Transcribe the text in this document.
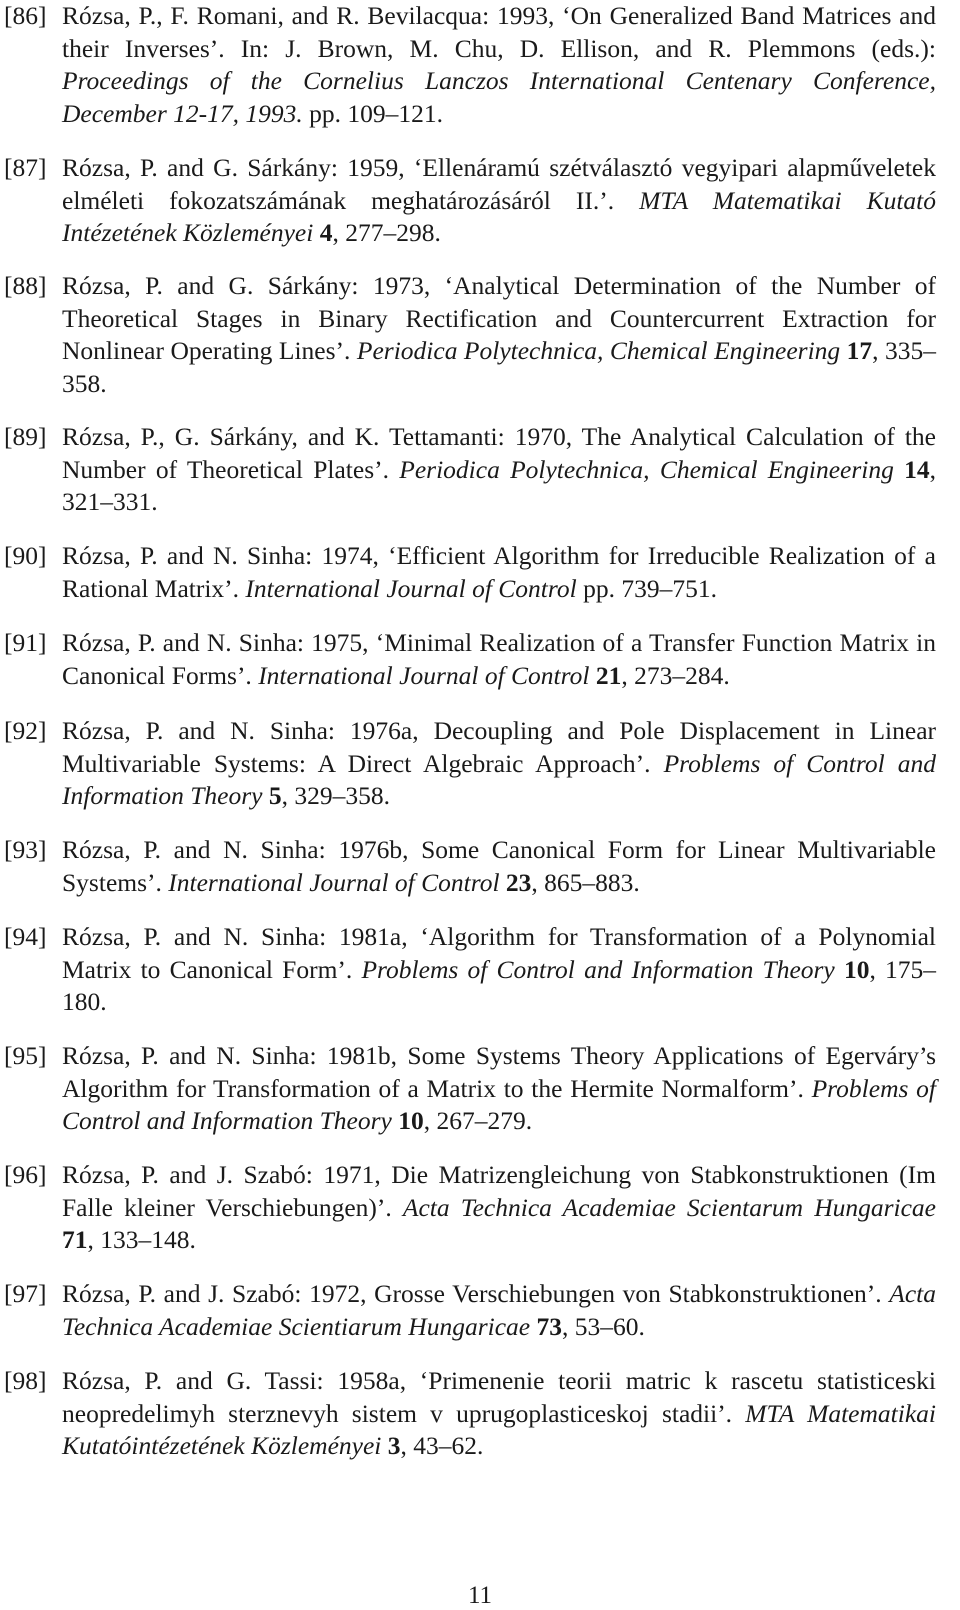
[86] Rózsa, P., F. Romani, and R. Bevilacqua: 1993, ‘On Generalized Band Matrices and their Inverses’. In: J. Brown, M. Chu, D. Ellison, and R. Plemmons (eds.): Proceedings of the Cornelius Lanczos International Centenary Conference, December 12-17, 1993. pp. 109–121.
[87] Rózsa, P. and G. Sárkány: 1959, ‘Ellenáramú szétválasztó vegyipari alapműveletek elméleti fokozatszámának meghatározásáról II.’. MTA Matematikai Kutató Intézetének Közleményei 4, 277–298.
[88] Rózsa, P. and G. Sárkány: 1973, ‘Analytical Determination of the Number of Theoretical Stages in Binary Rectification and Countercurrent Extraction for Nonlinear Operating Lines’. Periodica Polytechnica, Chemical Engineering 17, 335–358.
[89] Rózsa, P., G. Sárkány, and K. Tettamanti: 1970, The Analytical Calculation of the Number of Theoretical Plates’. Periodica Polytechnica, Chemical Engineering 14, 321–331.
[90] Rózsa, P. and N. Sinha: 1974, ‘Efficient Algorithm for Irreducible Realization of a Rational Matrix’. International Journal of Control pp. 739–751.
[91] Rózsa, P. and N. Sinha: 1975, ‘Minimal Realization of a Transfer Function Matrix in Canonical Forms’. International Journal of Control 21, 273–284.
[92] Rózsa, P. and N. Sinha: 1976a, Decoupling and Pole Displacement in Linear Multivariable Systems: A Direct Algebraic Approach’. Problems of Control and Information Theory 5, 329–358.
[93] Rózsa, P. and N. Sinha: 1976b, Some Canonical Form for Linear Multivariable Systems’. International Journal of Control 23, 865–883.
[94] Rózsa, P. and N. Sinha: 1981a, ‘Algorithm for Transformation of a Polynomial Matrix to Canonical Form’. Problems of Control and Information Theory 10, 175–180.
[95] Rózsa, P. and N. Sinha: 1981b, Some Systems Theory Applications of Egerváry’s Algorithm for Transformation of a Matrix to the Hermite Normalform’. Problems of Control and Information Theory 10, 267–279.
[96] Rózsa, P. and J. Szabó: 1971, Die Matrizengleichung von Stabkonstruktionen (Im Falle kleiner Verschiebungen)’. Acta Technica Academiae Scientarum Hungaricae 71, 133–148.
[97] Rózsa, P. and J. Szabó: 1972, Grosse Verschiebungen von Stabkonstruktionen’. Acta Technica Academiae Scientiarum Hungaricae 73, 53–60.
[98] Rózsa, P. and G. Tassi: 1958a, ‘Primenenie teorii matric k rascetu statisticeski neopredelimyh sterznevyh sistem v uprugoplasticeskoj stadii’. MTA Matematikai Kutatóintézetének Közleményei 3, 43–62.
11
